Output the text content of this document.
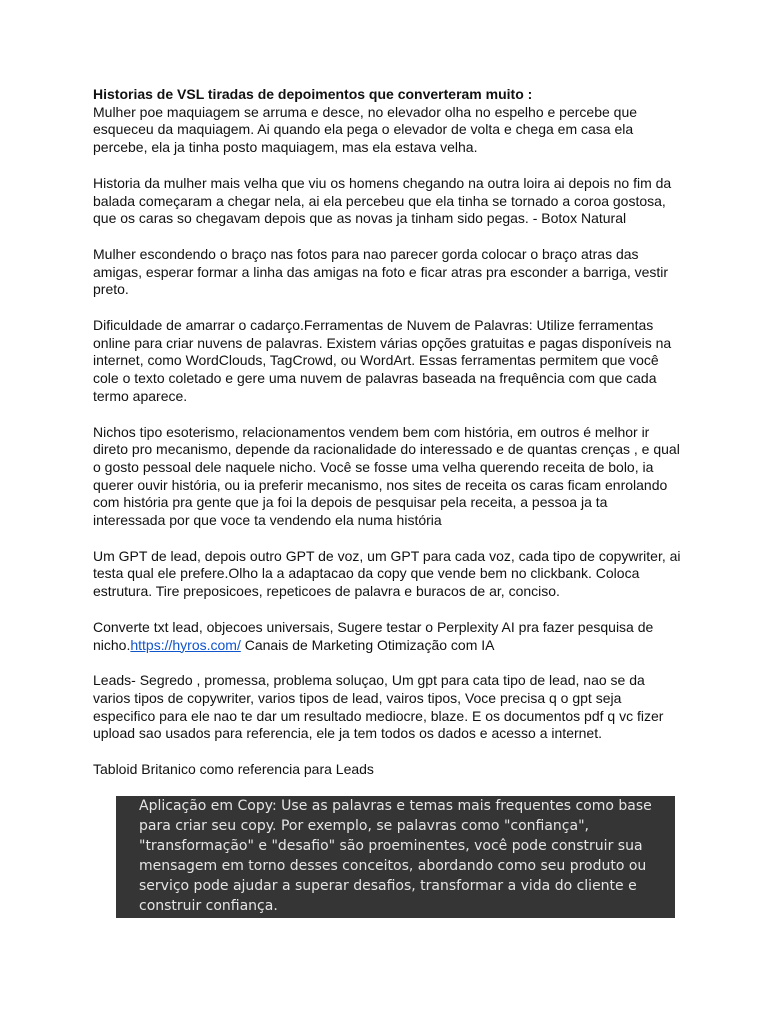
Historias de VSL tiradas de depoimentos que converteram muito :
Mulher poe maquiagem se arruma e desce, no elevador olha no espelho e percebe que esqueceu da maquiagem. Ai quando ela pega o elevador de volta e chega em casa ela percebe, ela ja tinha posto maquiagem, mas ela estava velha.

Historia da mulher mais velha que viu os homens chegando na outra loira ai depois no fim da balada começaram a chegar nela, ai ela percebeu que ela tinha se tornado a coroa gostosa, que os caras so chegavam depois que as novas ja tinham sido pegas. - Botox Natural

Mulher escondendo o braço nas fotos para nao parecer gorda colocar o braço atras das amigas, esperar formar a linha das amigas na foto e ficar atras pra esconder a barriga, vestir preto.

Dificuldade de amarrar o cadarço.Ferramentas de Nuvem de Palavras: Utilize ferramentas online para criar nuvens de palavras. Existem várias opções gratuitas e pagas disponíveis na internet, como WordClouds, TagCrowd, ou WordArt. Essas ferramentas permitem que você cole o texto coletado e gere uma nuvem de palavras baseada na frequência com que cada termo aparece.

Nichos tipo esoterismo, relacionamentos vendem bem com história, em outros é melhor ir direto pro mecanismo, depende da racionalidade do interessado e de quantas crenças , e qual o gosto pessoal dele naquele nicho. Você se fosse uma velha querendo receita de bolo, ia querer ouvir história, ou ia preferir mecanismo, nos sites de receita os caras ficam enrolando com história pra gente que ja foi la depois de pesquisar pela receita, a pessoa ja ta interessada por que voce ta vendendo ela numa história

Um GPT de lead, depois outro GPT de voz, um GPT para cada voz, cada tipo de copywriter, ai testa qual ele prefere.Olho la a adaptacao da copy que vende bem no clickbank. Coloca estrutura. Tire preposicoes, repeticoes de palavra e buracos de ar, conciso.

Converte txt lead, objecoes universais, Sugere testar o Perplexity AI pra fazer pesquisa de nicho.https://hyros.com/ Canais de Marketing Otimização com IA

Leads- Segredo , promessa, problema soluçao, Um gpt para cata tipo de lead, nao se da varios tipos de copywriter, varios tipos de lead, vairos tipos, Voce precisa q o gpt seja especifico para ele nao te dar um resultado mediocre, blaze. E os documentos pdf q vc fizer upload sao usados para referencia, ele ja tem todos os dados e acesso a internet.

Tabloid Britanico como referencia para Leads

Aplicação em Copy: Use as palavras e temas mais frequentes como base para criar seu copy. Por exemplo, se palavras como "confiança", "transformação" e "desafio" são proeminentes, você pode construir sua mensagem em torno desses conceitos, abordando como seu produto ou serviço pode ajudar a superar desafios, transformar a vida do cliente e construir confiança.
